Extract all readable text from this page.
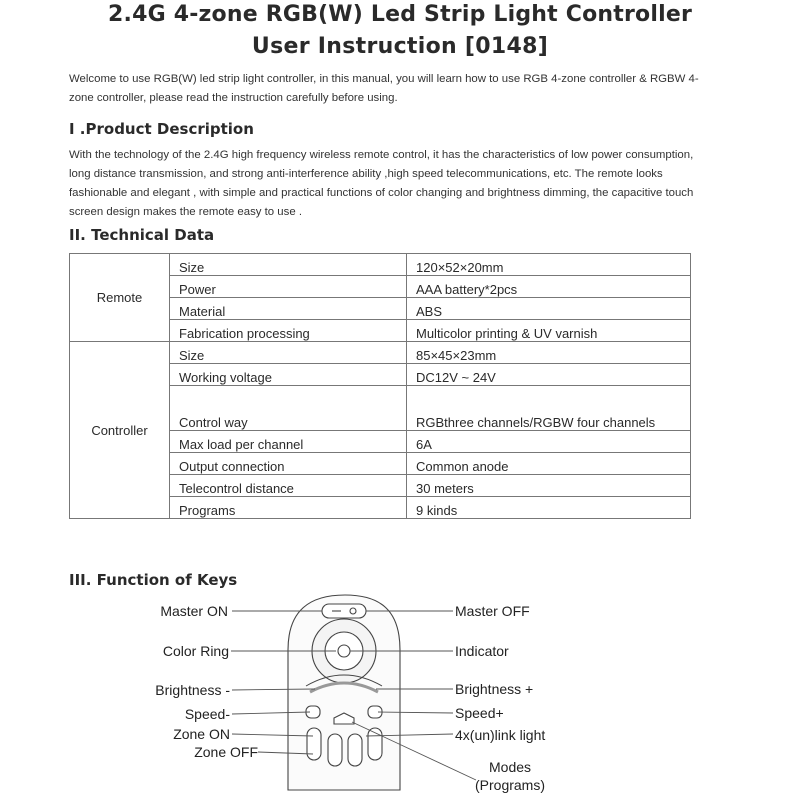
2.4G 4-zone RGB(W) Led Strip Light Controller
User Instruction [0148]
Welcome to use RGB(W) led strip light controller, in this manual, you will learn how to use RGB 4-zone controller & RGBW 4-zone controller, please read the instruction carefully before using.
I .Product Description
With the technology of the 2.4G high frequency wireless remote control, it has the characteristics of low power consumption, long distance transmission, and strong anti-interference ability ,high speed telecommunications, etc. The remote looks fashionable and elegant , with simple and practical functions of color changing and brightness dimming, the capacitive touch screen design makes the remote easy to use .
II. Technical Data
Remote	Size	120×52×20mm
	Power	AAA battery*2pcs
	Material	ABS
	Fabrication processing	Multicolor printing & UV varnish
Controller	Size	85×45×23mm
	Working voltage	DC12V ~ 24V
	Control way	RGBthree channels/RGBW four channels
	Max load per channel	6A
	Output connection	Common anode
	Telecontrol distance	30 meters
	Programs	9 kinds
III. Function of Keys
Master ON
Color Ring
Brightness -
Speed-
Zone ON
Zone OFF
Master OFF
Indicator
Brightness +
Speed+
4x(un)link light
Modes
(Programs)
